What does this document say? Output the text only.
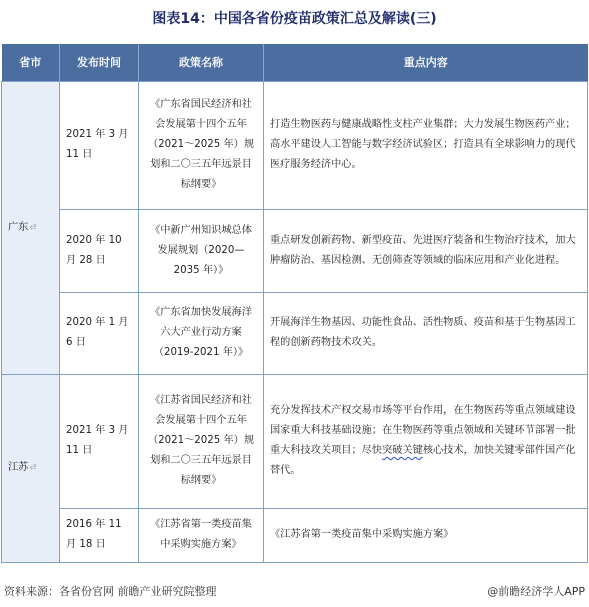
图表14：中国各省份疫苗政策汇总及解读(三)
省市	发布时间	政策名称	重点内容
广东⏎	2021 年 3 月 11 日	《广东省国民经济和社会发展第十四个五年（2021～2025 年）规划和二〇三五年远景目标纲要》	打造生物医药与健康战略性支柱产业集群；大力发展生物医药产业；高水平建设人工智能与数字经济试验区；打造具有全球影响力的现代医疗服务经济中心。
	2020 年 10 月 28 日	《中新广州知识城总体发展规划（2020—2035 年）》	重点研发创新药物、新型疫苗、先进医疗装备和生物治疗技术，加大肿瘤防治、基因检测、无创筛查等领域的临床应用和产业化进程。
	2020 年 1 月 6 日	《广东省加快发展海洋六大产业行动方案（2019-2021 年）》	开展海洋生物基因、功能性食品、活性物质、疫苗和基于生物基因工程的创新药物技术攻关。
江苏⏎	2021 年 3 月 11 日	《江苏省国民经济和社会发展第十四个五年（2021～2025 年）规划和二〇三五年远景目标纲要》	充分发挥技术产权交易市场等平台作用，在生物医药等重点领域建设国家重大科技基础设施；在生物医药等重点领域和关键环节部署一批重大科技攻关项目；尽快突破关键核心技术，加快关键零部件国产化替代。
	2016 年 11 月 18 日	《江苏省第一类疫苗集中采购实施方案》	《江苏省第一类疫苗集中采购实施方案》
资料来源：各省份官网 前瞻产业研究院整理	@前瞻经济学人APP
